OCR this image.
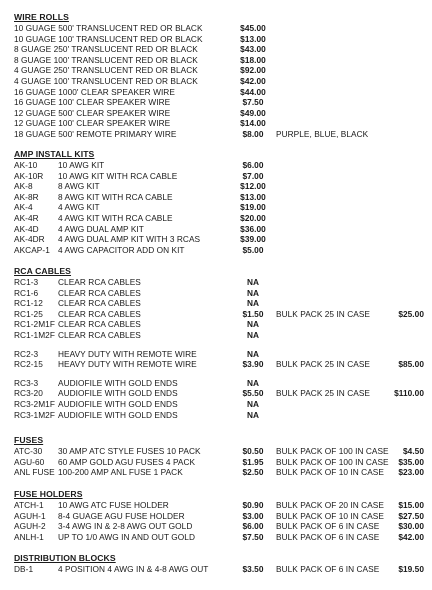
WIRE ROLLS
10 GUAGE 500' TRANSLUCENT RED OR BLACK	$45.00
10 GUAGE 100' TRANSLUCENT RED OR BLACK	$13.00
8 GUAGE 250' TRANSLUCENT RED OR BLACK	$43.00
8 GUAGE 100' TRANSLUCENT RED OR BLACK	$18.00
4 GUAGE 250' TRANSLUCENT RED OR BLACK	$92.00
4 GUAGE 100' TRANSLUCENT RED OR BLACK	$42.00
16 GUAGE 1000' CLEAR SPEAKER WIRE	$44.00
16 GUAGE 100' CLEAR SPEAKER WIRE	$7.50
12 GUAGE 500' CLEAR SPEAKER WIRE	$49.00
12 GUAGE 100' CLEAR SPEAKER WIRE	$14.00
18 GUAGE 500' REMOTE PRIMARY WIRE	$8.00	PURPLE, BLUE, BLACK
AMP INSTALL KITS
AK-10 10 AWG KIT	$6.00
AK-10R 10 AWG KIT WITH RCA CABLE	$7.00
AK-8	8 AWG KIT	$12.00
AK-8R 8 AWG KIT WITH RCA CABLE	$13.00
AK-4	4 AWG KIT	$19.00
AK-4R 4 AWG KIT WITH RCA CABLE	$20.00
AK-4D 4 AWG DUAL AMP KIT	$36.00
AK-4DR 4 AWG DUAL AMP KIT WITH 3 RCAS	$39.00
AKCAP-1 4 AWG CAPACITOR ADD ON KIT	$5.00
RCA CABLES
RC1-3 CLEAR RCA CABLES	NA
RC1-6 CLEAR RCA CABLES	NA
RC1-12 CLEAR RCA CABLES	NA
RC1-25 CLEAR RCA CABLES	$1.50	BULK PACK 25 IN CASE	$25.00
RC1-2M1F CLEAR RCA CABLES	NA
RC1-1M2F CLEAR RCA CABLES	NA
RC2-3 HEAVY DUTY WITH REMOTE WIRE	NA
RC2-15 HEAVY DUTY WITH REMOTE WIRE	$3.90	BULK PACK 25 IN CASE	$85.00
RC3-3 AUDIOFILE WITH GOLD ENDS	NA
RC3-20 AUDIOFILE WITH GOLD ENDS	$5.50	BULK PACK 25 IN CASE	$110.00
RC3-2M1F AUDIOFILE WITH GOLD ENDS	NA
RC3-1M2F AUDIOFILE WITH GOLD ENDS	NA
FUSES
ATC-30 30 AMP ATC STYLE FUSES 10 PACK	$0.50	BULK PACK OF 100 IN CASE	$4.50
AGU-60 60 AMP GOLD AGU FUSES 4 PACK	$1.95	BULK PACK OF 100 IN CASE	$35.00
ANL FUSE 100-200 AMP ANL FUSE 1 PACK	$2.50	BULK PACK OF 10 IN CASE	$23.00
FUSE HOLDERS
ATCH-1 10 AWG ATC FUSE HOLDER	$0.90	BULK PACK OF 20 IN CASE	$15.00
AGUH-1 8-4 GUAGE AGU FUSE HOLDER	$3.00	BULK PACK OF 10 IN CASE	$27.50
AGUH-2 3-4 AWG IN & 2-8 AWG OUT GOLD	$6.00	BULK PACK OF 6 IN CASE	$30.00
ANLH-1 UP TO 1/0 AWG IN AND OUT GOLD	$7.50	BULK PACK OF 6 IN CASE	$42.00
DISTRIBUTION BLOCKS
DB-1	4 POSITION 4 AWG IN & 4-8 AWG OUT	$3.50	BULK PACK OF 6 IN CASE	$19.50
